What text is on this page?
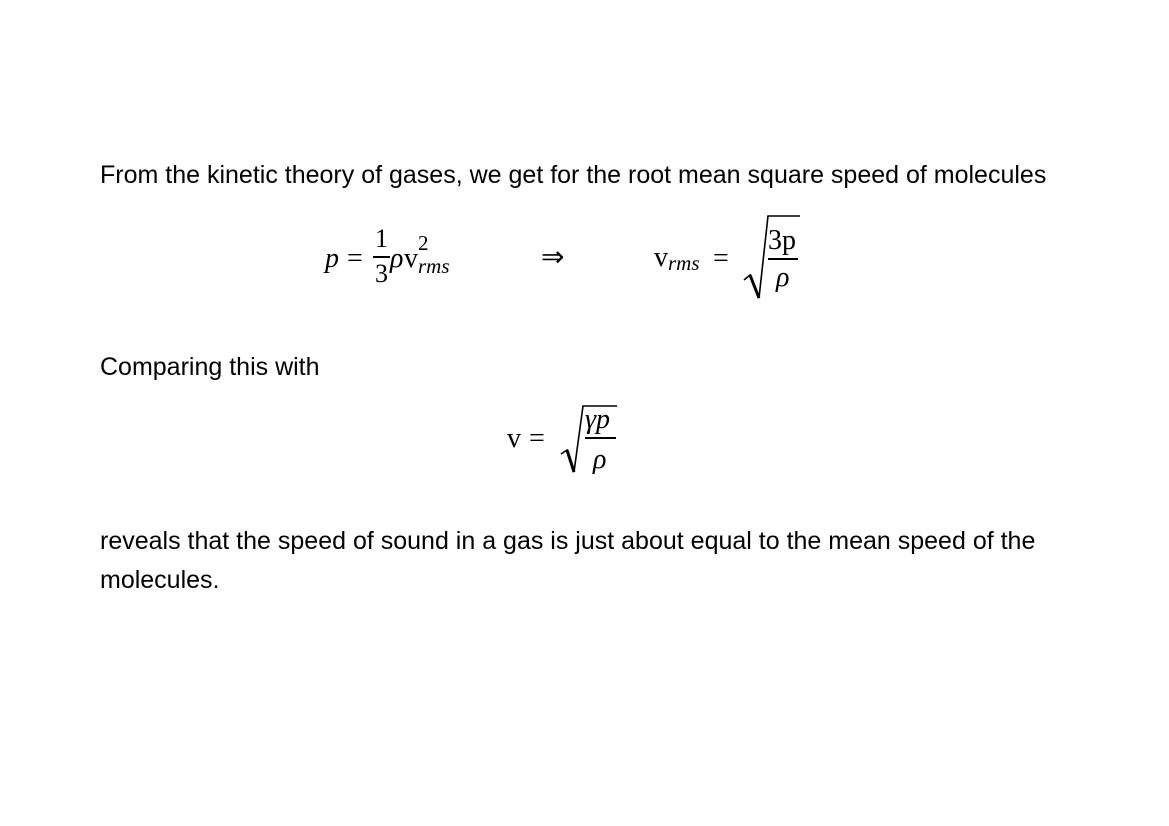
From the kinetic theory of gases, we get for the root mean square speed of molecules
p =
1
3 ρ v 2
rms	⇒	v rms =
3p
ρ
Comparing this with
v =
γp
ρ
reveals that the speed of sound in a gas is just about equal to the mean speed of the
molecules.
